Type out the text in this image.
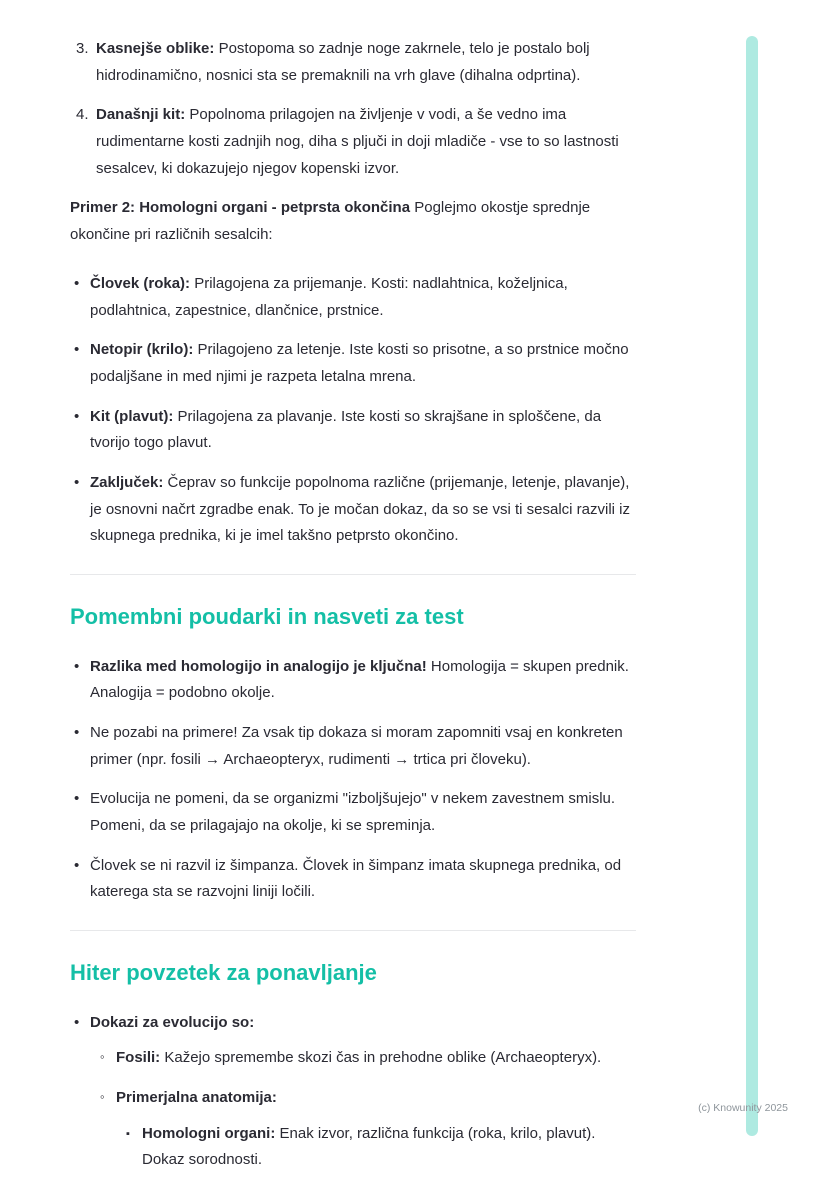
3. Kasnejše oblike: Postopoma so zadnje noge zakrnele, telo je postalo bolj hidrodinamično, nosnici sta se premaknili na vrh glave (dihalna odprtina).
4. Današnji kit: Popolnoma prilagojen na življenje v vodi, a še vedno ima rudimentarne kosti zadnjih nog, diha s pljuči in doji mladiče - vse to so lastnosti sesalcev, ki dokazujejo njegov kopenski izvor.

Primer 2: Homologni organi - petprsta okončina Poglejmo okostje sprednje okončine pri različnih sesalcih:

•
Človek (roka): Prilagojena za prijemanje. Kosti: nadlahtnica, koželjnica, podlahtnica, zapestnice, dlančnice, prstnice.
•
Netopir (krilo): Prilagojeno za letenje. Iste kosti so prisotne, a so prstnice močno podaljšane in med njimi je razpeta letalna mrena.
•
Kit (plavut): Prilagojena za plavanje. Iste kosti so skrajšane in sploščene, da tvorijo togo plavut.
•
Zaključek: Čeprav so funkcije popolnoma različne (prijemanje, letenje, plavanje), je osnovni načrt zgradbe enak. To je močan dokaz, da so se vsi ti sesalci razvili iz skupnega prednika, ki je imel takšno petprsto okončino.
Pomembni poudarki in nasveti za test
•
Razlika med homologijo in analogijo je ključna! Homologija = skupen prednik. Analogija = podobno okolje.
•
Ne pozabi na primere! Za vsak tip dokaza si moram zapomniti vsaj en konkreten primer (npr. fosili → Archaeopteryx, rudimenti → trtica pri človeku).
•
Evolucija ne pomeni, da se organizmi "izboljšujejo" v nekem zavestnem smislu. Pomeni, da se prilagajajo na okolje, ki se spreminja.
•
Človek se ni razvil iz šimpanza. Človek in šimpanz imata skupnega prednika, od katerega sta se razvojni liniji ločili.
Hiter povzetek za ponavljanje
•
Dokazi za evolucijo so:
◦
Fosili: Kažejo spremembe skozi čas in prehodne oblike (Archaeopteryx).
◦
Primerjalna anatomija:
▪
Homologni organi: Enak izvor, različna funkcija (roka, krilo, plavut). Dokaz sorodnosti.
(c) Knowunity 2025
